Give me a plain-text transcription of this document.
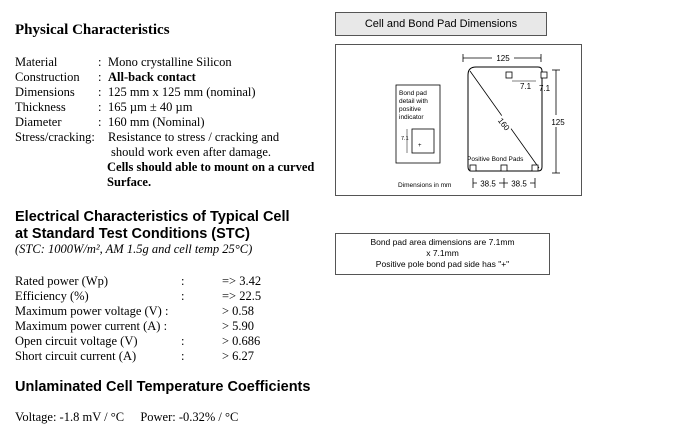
Physical Characteristics
Material	: Mono crystalline Silicon
Construction : All-back contact
Dimensions : 125 mm x 125 mm (nominal)
Thickness	: 165 µm ± 40 µm
Diameter	: 160 mm (Nominal)
Stress/cracking: Resistance to stress / cracking and
should work even after damage.
Cells should able to mount on a curved
Surface.
Electrical Characteristics of Typical Cell
at Standard Test Conditions (STC)
(STC: 1000W/m², AM 1.5g and cell temp 25°C)
Rated power (Wp)	:	=> 3.42
Efficiency (%)	:	=> 22.5
Maximum power voltage (V) :	> 0.58
Maximum power current (A) :	> 5.90
Open circuit voltage (V)	:	> 0.686
Short circuit current (A)	:	> 6.27
Unlaminated Cell Temperature Coefficients
Voltage: -1.8 mV / °C Power: -0.32% / °C
Cell and Bond Pad Dimensions
125
125
160
7.1 7.1
Positive Bond Pads
38.5 38.5
Dimensions in mm
Bond pad
detail with
positive
indicator
7.1
+
Bond pad area dimensions are 7.1mm
x 7.1mm
Positive pole bond pad side has "+"
